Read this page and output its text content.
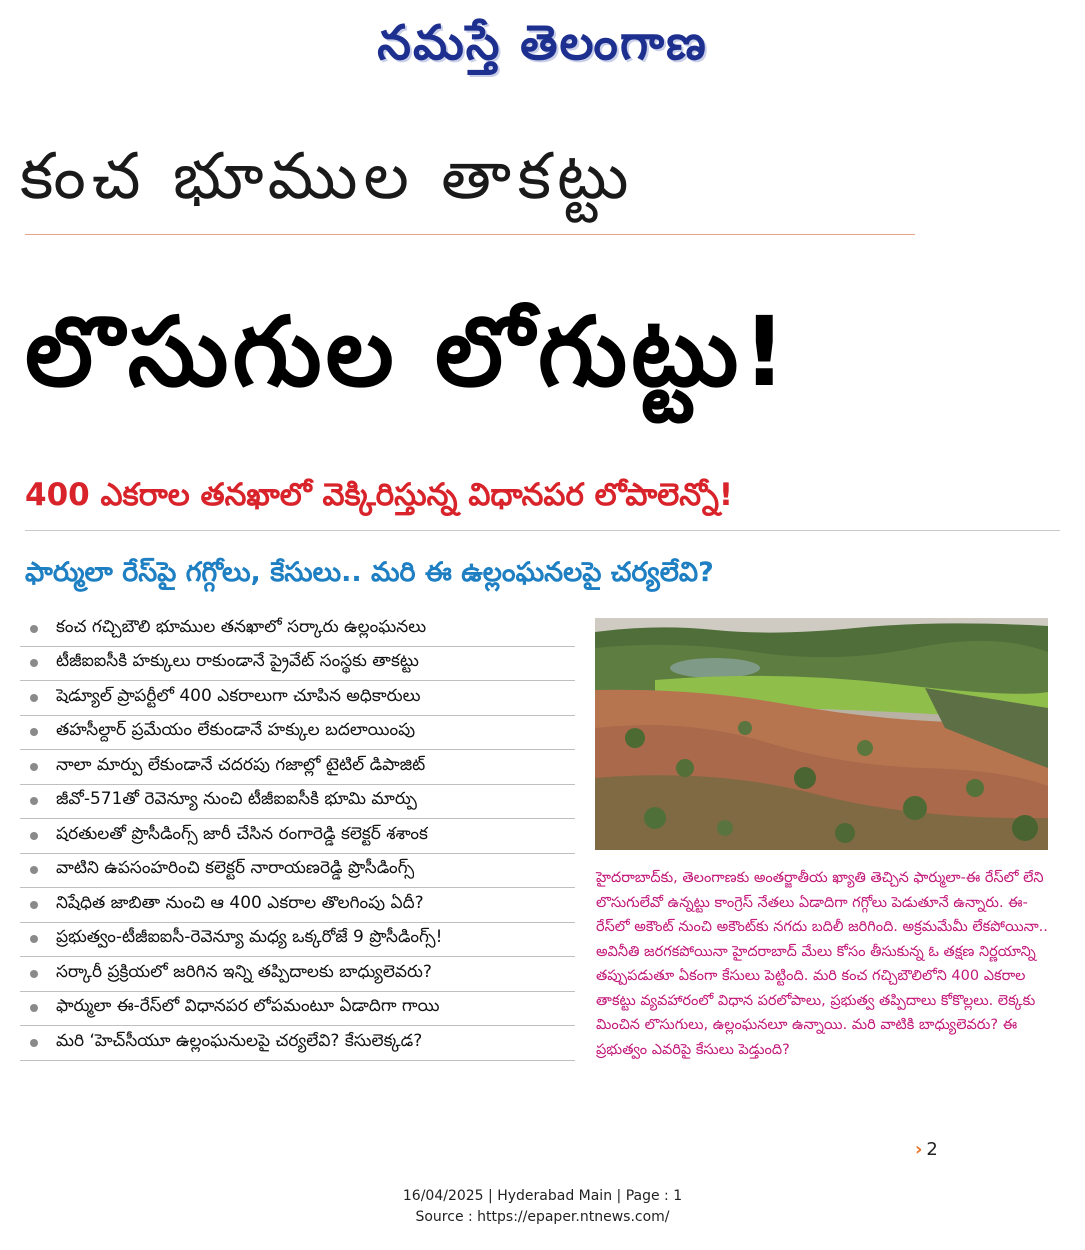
నమస్తే తెలంగాణ
కంచ భూముల తాకట్టు
లొసుగుల లోగుట్టు!
400 ఎకరాల తనఖాలో వెక్కిరిస్తున్న విధానపర లోపాలెన్నో!
ఫార్ములా రేస్‌పై గగ్గోలు, కేసులు.. మరి ఈ ఉల్లంఘనలపై చర్యలేవి?
కంచ గచ్చిబౌలి భూముల తనఖాలో సర్కారు ఉల్లంఘనలు
టీజీఐఐసీకి హక్కులు రాకుండానే ప్రైవేట్ సంస్థకు తాకట్టు
షెడ్యూల్ ప్రాపర్టీలో 400 ఎకరాలుగా చూపిన అధికారులు
తహసీల్దార్ ప్రమేయం లేకుండానే హక్కుల బదలాయింపు
నాలా మార్పు లేకుండానే చదరపు గజాల్లో టైటిల్ డిపాజిట్
జీవో-571తో రెవెన్యూ నుంచి టీజీఐఐసీకి భూమి మార్పు
షరతులతో ప్రొసీడింగ్స్ జారీ చేసిన రంగారెడ్డి కలెక్టర్ శశాంక
వాటిని ఉపసంహరించి కలెక్టర్ నారాయణరెడ్డి ప్రొసీడింగ్స్
నిషేధిత జాబితా నుంచి ఆ 400 ఎకరాల తొలగింపు ఏదీ?
ప్రభుత్వం-టీజీఐఐసీ-రెవెన్యూ మధ్య ఒక్కరోజే 9 ప్రొసీడింగ్స్!
సర్కారీ ప్రక్రియలో జరిగిన ఇన్ని తప్పిదాలకు బాధ్యులెవరు?
ఫార్ములా ఈ-రేస్‌లో విధానపర లోపమంటూ ఏడాదిగా గాయి
మరి ‘హెచ్‌సీయూ ఉల్లంఘనులపై చర్యలేవి? కేసులెక్కడ?

హైదరాబాద్‌కు, తెలంగాణకు అంతర్జాతీయ ఖ్యాతి తెచ్చిన ఫార్ములా-ఈ రేస్‌లో లేని లొసుగులేవో ఉన్నట్టు కాంగ్రెస్ నేతలు ఏడాదిగా గగ్గోలు పెడుతూనే ఉన్నారు. ఈ-రేస్‌లో అకౌంట్ నుంచి అకౌంట్‌కు నగదు బదిలీ జరిగింది. అక్రమమేమీ లేకపోయినా.. అవినీతి జరగకపోయినా హైదరాబాద్ మేలు కోసం తీసుకున్న ఓ తక్షణ నిర్ణయాన్ని తప్పుపడుతూ ఏకంగా కేసులు పెట్టింది. మరి కంచ గచ్చిబౌలిలోని 400 ఎకరాల తాకట్టు వ్యవహారంలో విధాన పరలోపాలు, ప్రభుత్వ తప్పిదాలు కోకొల్లలు. లెక్కకు మించిన లొసుగులు, ఉల్లంఘనలూ ఉన్నాయి. మరి వాటికి బాధ్యులెవరు? ఈ ప్రభుత్వం ఎవరిపై కేసులు పెడ్తుంది?

› 2
16/04/2025 | Hyderabad Main | Page : 1
Source : https://epaper.ntnews.com/
